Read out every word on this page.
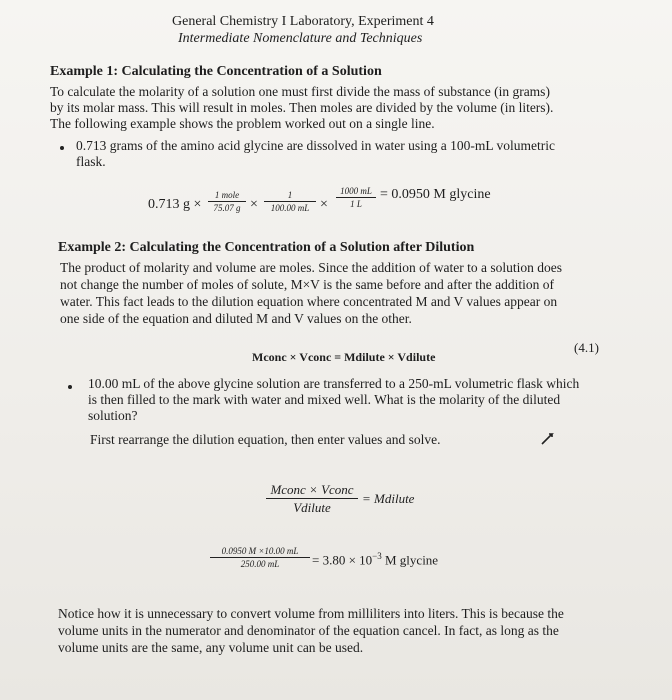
General Chemistry I Laboratory, Experiment 4
Intermediate Nomenclature and Techniques
Example 1: Calculating the Concentration of a Solution
To calculate the molarity of a solution one must first divide the mass of substance (in grams)
by its molar mass. This will result in moles. Then moles are divided by the volume (in liters).
The following example shows the problem worked out on a single line.
0.713 grams of the amino acid glycine are dissolved in water using a 100-mL volumetric
flask.
0.713 g ×
1 mole
75.07 g ×
1
100.00 mL ×
1000 mL
1 L
= 0.0950 M glycine
Example 2: Calculating the Concentration of a Solution after Dilution
The product of molarity and volume are moles. Since the addition of water to a solution does
not change the number of moles of solute, M×V is the same before and after the addition of
water. This fact leads to the dilution equation where concentrated M and V values appear on
one side of the equation and diluted M and V values on the other.
Mconc × Vconc = Mdilute × Vdilute
(4.1)
10.00 mL of the above glycine solution are transferred to a 250-mL volumetric flask which
is then filled to the mark with water and mixed well. What is the molarity of the diluted
solution?
First rearrange the dilution equation, then enter values and solve.
Mconc × Vconc
Vdilute
= Mdilute
0.0950 M ×10.00 mL
250.00 mL	= $3.80 \times 10^{-3}$ M glycine
Notice how it is unnecessary to convert volume from milliliters into liters. This is because the
volume units in the numerator and denominator of the equation cancel. In fact, as long as the
volume units are the same, any volume unit can be used.
